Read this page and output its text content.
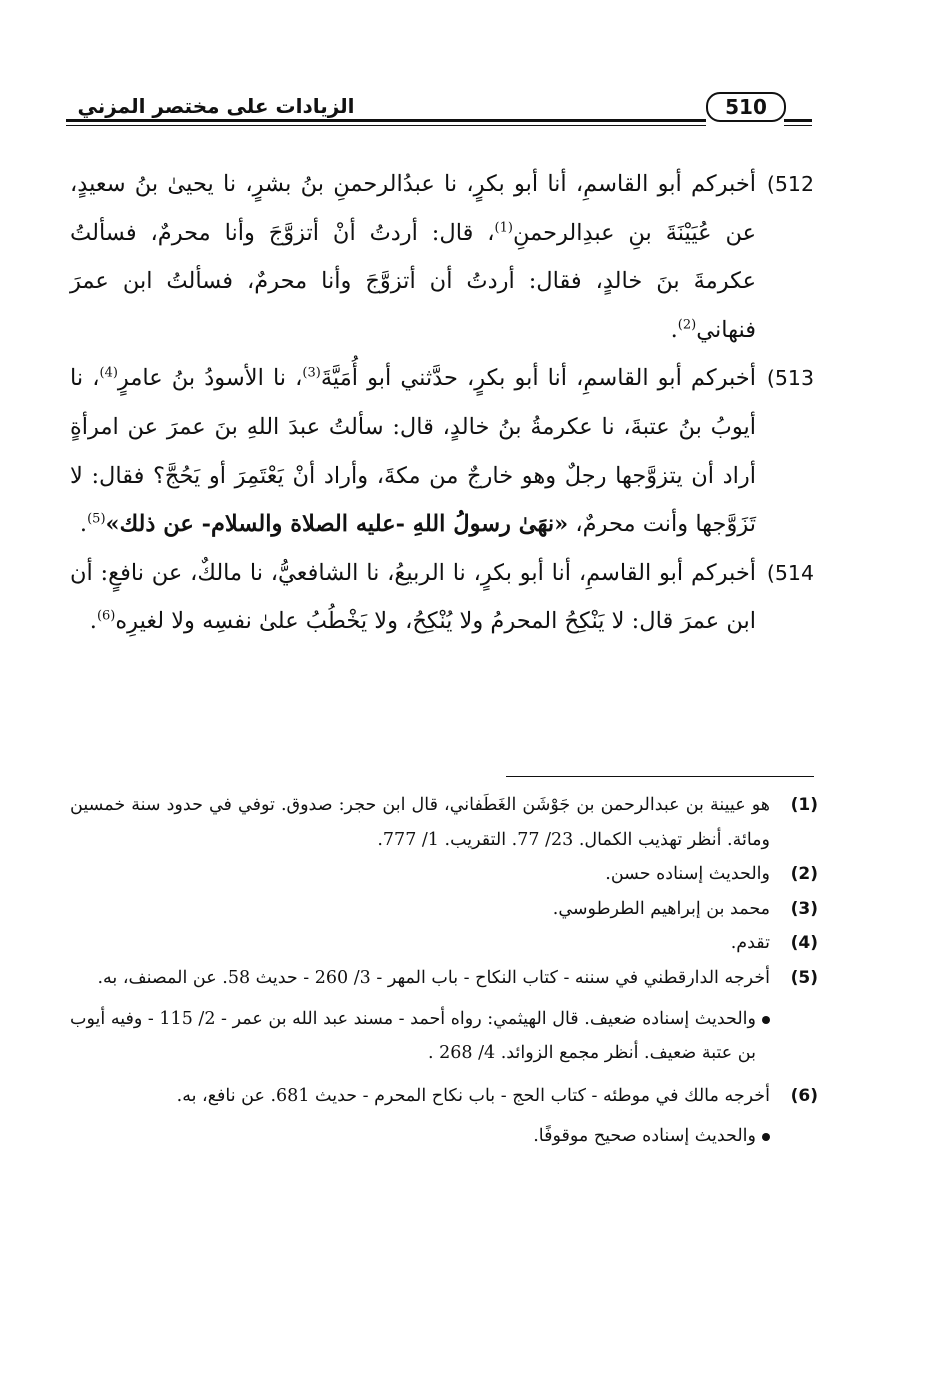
الزيادات على مختصر المزني	510

512)
أخبركم أبو القاسمِ، أنا أبو بكرٍ، نا عبدُالرحمنِ بنُ بشرٍ، نا يحيىٰ بنُ سعيدٍ، عن عُيَيْنَةَ بنِ عبدِالرحمنِ$^{(1)}$، قال: أردتُ أنْ أتزوَّجَ وأنا محرمٌ، فسألتُ عكرمةَ بنَ خالدٍ، فقال: أردتُ أن أتزوَّجَ وأنا محرمٌ، فسألتُ ابن عمرَ فنهاني$^{(2)}$.

513)
أخبركم أبو القاسمِ، أنا أبو بكرٍ، حدَّثني أبو أُمَيَّةَ$^{(3)}$، نا الأسودُ بنُ عامرٍ$^{(4)}$، نا أيوبُ بنُ عتبةَ، نا عكرمةُ بنُ خالدٍ، قال: سألتُ عبدَ اللهِ بنَ عمرَ عن امرأةٍ أراد أن يتزوَّجها رجلٌ وهو خارجٌ من مكةَ، وأراد أنْ يَعْتَمِرَ أو يَحُجَّ؟ فقال: لا تَزَوَّجها وأنت محرمٌ، «نهَىٰ رسولُ اللهِ -عليه الصلاة والسلام- عن ذلك»$^{(5)}$.

514)
أخبركم أبو القاسمِ، أنا أبو بكرٍ، نا الربيعُ، نا الشافعيُّ، نا مالكٌ، عن نافعٍ: أن ابن عمرَ قال: لا يَنْكِحُ المحرمُ ولا يُنْكِحُ، ولا يَخْطُبُ علىٰ نفسِه ولا لغيرِه$^{(6)}$.

(1)
هو عيينة بن عبدالرحمن بن جَوْشَن الغَطَفاني، قال ابن حجر: صدوق. توفي في حدود سنة خمسين ومائة. أنظر تهذيب الكمال. 23/ 77. التقريب. 1/ 777.

(2)
والحديث إسناده حسن.

(3)
محمد بن إبراهيم الطرطوسي.

(4)
تقدم.

(5)
أخرجه الدارقطني في سننه - كتاب النكاح - باب المهر - 3/ 260 - حديث 58. عن المصنف، به.

والحديث إسناده ضعيف. قال الهيثمي: رواه أحمد - مسند عبد الله بن عمر - 2/ 115 - وفيه أيوب بن عتبة ضعيف. أنظر مجمع الزوائد. 4/ 268 .

(6)
أخرجه مالك في موطئه - كتاب الحج - باب نكاح المحرم - حديث 681. عن نافع، به.

والحديث إسناده صحيح موقوفًا.
